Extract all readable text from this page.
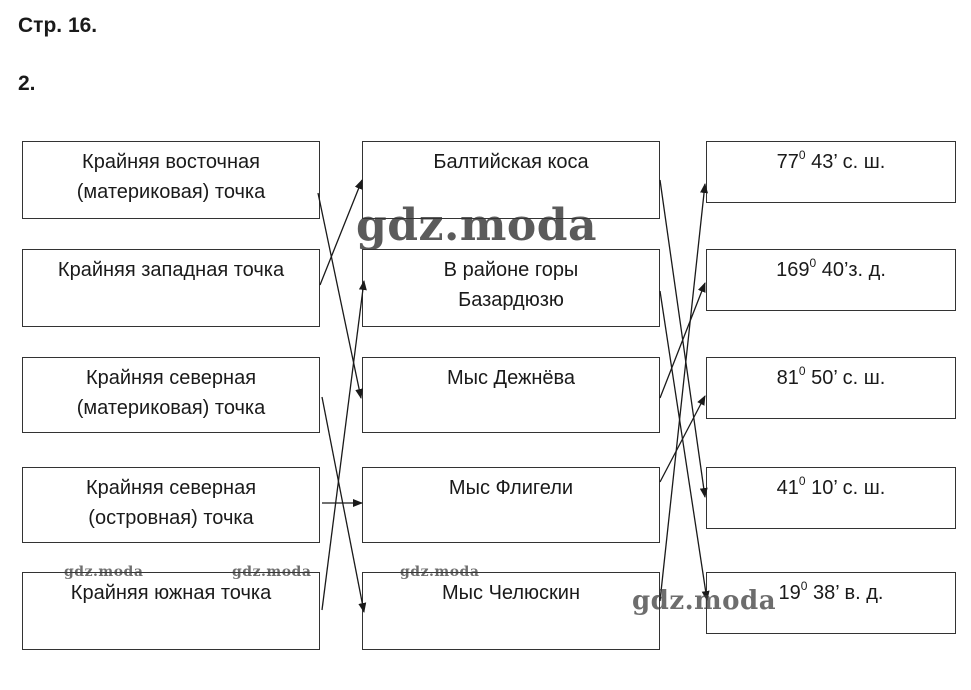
Стр. 16.
2.
Крайняя восточная
(материковая) точка
Крайняя западная точка
Крайняя северная
(материковая) точка
Крайняя северная
(островная) точка
Крайняя южная точка
Балтийская коса
В районе горы
Базардюзю
Мыс Дежнёва
Мыс Флигели
Мыс Челюскин
$77^0$ 43’ с. ш.
$169^0$ 40’з. д.
$81^0$ 50’ с. ш.
$41^0$ 10’ с. ш.
$19^0$ 38’ в. д.
gdz.moda
gdz.moda
gdz.moda	gdz.moda	gdz.moda
